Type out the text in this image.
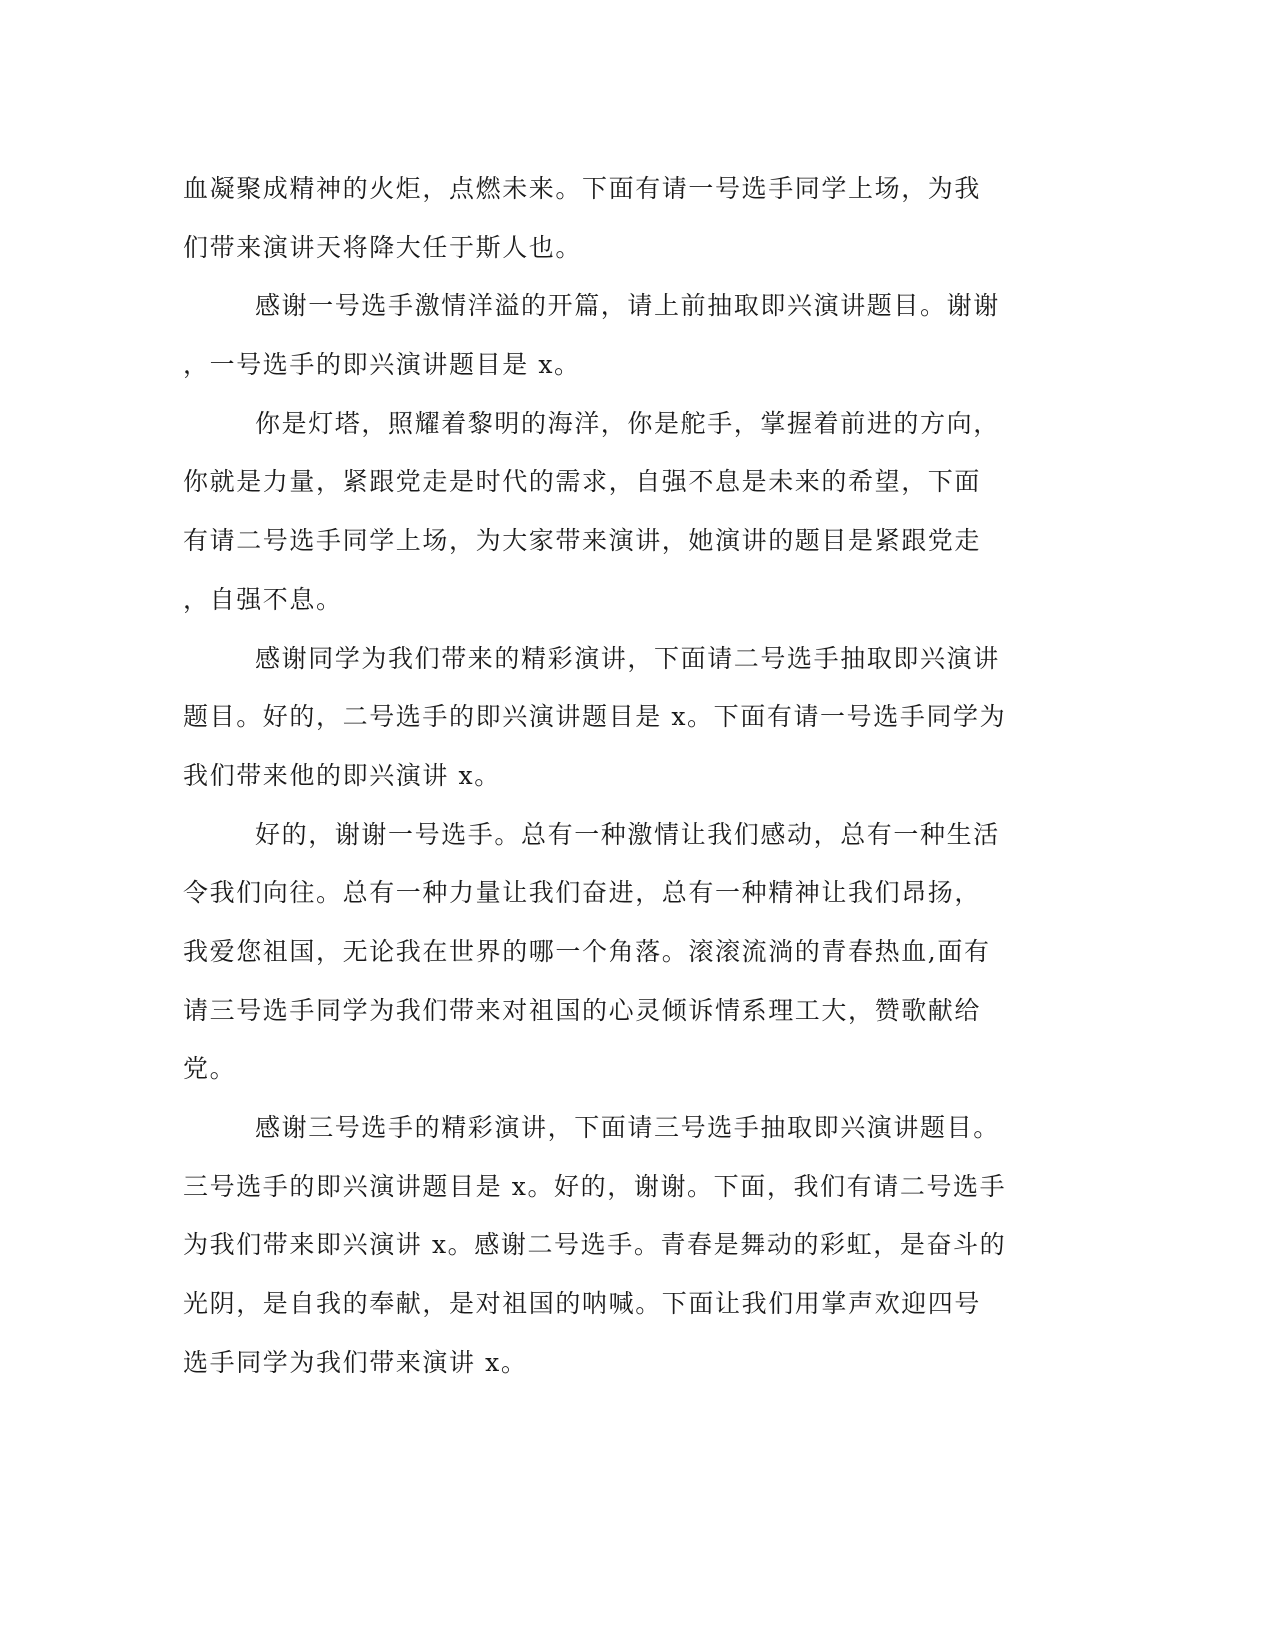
血凝聚成精神的火炬，点燃未来。下面有请一号选手同学上场，为我
们带来演讲天将降大任于斯人也。
感谢一号选手激情洋溢的开篇，请上前抽取即兴演讲题目。谢谢
，一号选手的即兴演讲题目是 x。
你是灯塔，照耀着黎明的海洋，你是舵手，掌握着前进的方向，
你就是力量，紧跟党走是时代的需求，自强不息是未来的希望，下面
有请二号选手同学上场，为大家带来演讲，她演讲的题目是紧跟党走
，自强不息。
感谢同学为我们带来的精彩演讲，下面请二号选手抽取即兴演讲
题目。好的，二号选手的即兴演讲题目是 x。下面有请一号选手同学为
我们带来他的即兴演讲 x。
好的，谢谢一号选手。总有一种激情让我们感动，总有一种生活
令我们向往。总有一种力量让我们奋进，总有一种精神让我们昂扬，
我爱您祖国，无论我在世界的哪一个角落。滚滚流淌的青春热血,面有
请三号选手同学为我们带来对祖国的心灵倾诉情系理工大，赞歌献给
党。
感谢三号选手的精彩演讲，下面请三号选手抽取即兴演讲题目。
三号选手的即兴演讲题目是 x。好的，谢谢。下面，我们有请二号选手
为我们带来即兴演讲 x。感谢二号选手。青春是舞动的彩虹，是奋斗的
光阴，是自我的奉献，是对祖国的呐喊。下面让我们用掌声欢迎四号
选手同学为我们带来演讲 x。
